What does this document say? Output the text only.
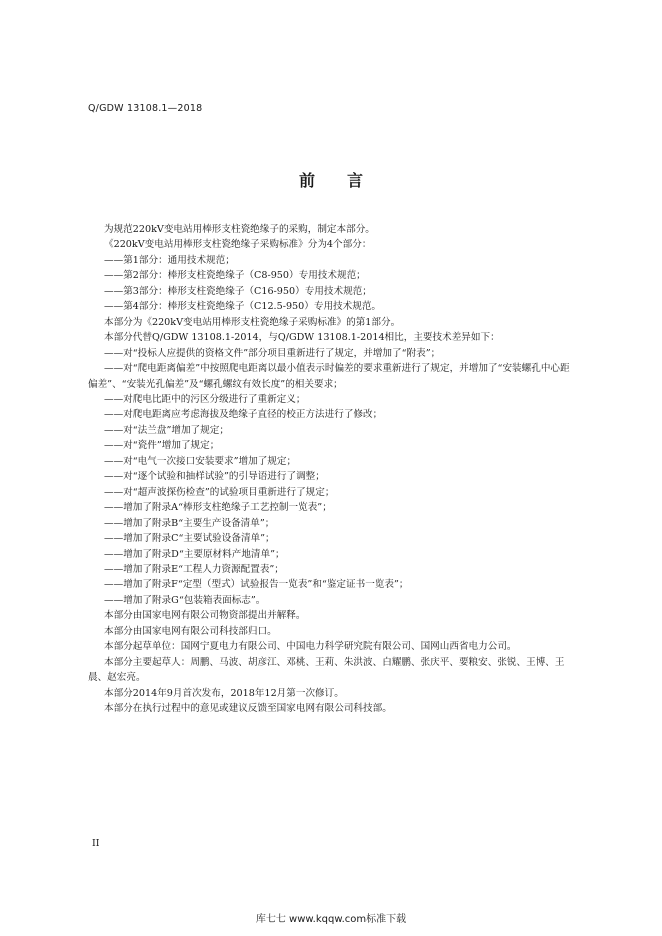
Q/GDW 13108.1—2018
前　　言
为规范220kV变电站用棒形支柱瓷绝缘子的采购，制定本部分。
《220kV变电站用棒形支柱瓷绝缘子采购标准》分为4个部分：
——第1部分：通用技术规范；
——第2部分：棒形支柱瓷绝缘子（C8-950）专用技术规范；
——第3部分：棒形支柱瓷绝缘子（C16-950）专用技术规范；
——第4部分：棒形支柱瓷绝缘子（C12.5-950）专用技术规范。
本部分为《220kV变电站用棒形支柱瓷绝缘子采购标准》的第1部分。
本部分代替Q/GDW 13108.1-2014，与Q/GDW 13108.1-2014相比，主要技术差异如下：
——对“投标人应提供的资格文件”部分项目重新进行了规定，并增加了“附表”；
——对“爬电距离偏差”中按照爬电距离以最小值表示时偏差的要求重新进行了规定，并增加了“安装螺孔中心距偏差”、“安装光孔偏差”及“螺孔螺纹有效长度”的相关要求；
——对爬电比距中的污区分级进行了重新定义；
——对爬电距离应考虑海拔及绝缘子直径的校正方法进行了修改；
——对“法兰盘”增加了规定；
——对“瓷件”增加了规定；
——对“电气一次接口安装要求”增加了规定；
——对“逐个试验和抽样试验”的引导语进行了调整；
——对“超声波探伤检查”的试验项目重新进行了规定；
——增加了附录A“棒形支柱绝缘子工艺控制一览表”；
——增加了附录B“主要生产设备清单”；
——增加了附录C“主要试验设备清单”；
——增加了附录D“主要原材料产地清单”；
——增加了附录E“工程人力资源配置表”；
——增加了附录F“定型（型式）试验报告一览表”和“鉴定证书一览表”；
——增加了附录G“包装箱表面标志”。
本部分由国家电网有限公司物资部提出并解释。
本部分由国家电网有限公司科技部归口。
本部分起草单位：国网宁夏电力有限公司、中国电力科学研究院有限公司、国网山西省电力公司。
本部分主要起草人：周鹏、马波、胡彦江、邓桃、王莉、朱洪波、白耀鹏、张庆平、要粮安、张锐、王博、王晨、赵宏亮。
本部分2014年9月首次发布，2018年12月第一次修订。
本部分在执行过程中的意见或建议反馈至国家电网有限公司科技部。
II
库七七 www.kqqw.com标准下载
